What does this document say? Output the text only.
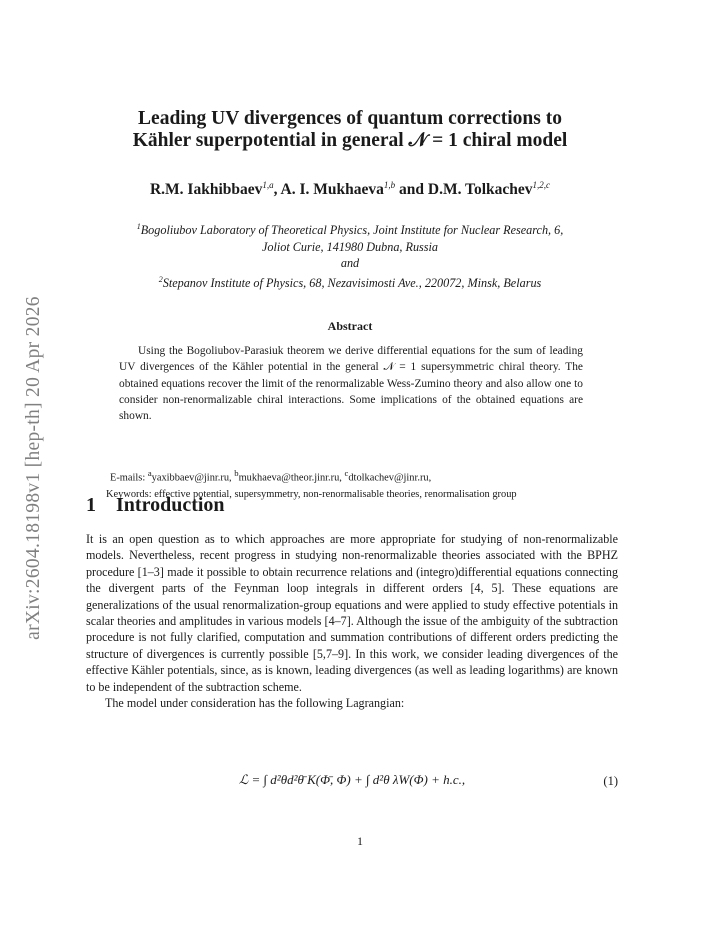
arXiv:2604.18198v1 [hep-th] 20 Apr 2026
Leading UV divergences of quantum corrections to
Kähler superpotential in general 𝒩 = 1 chiral model
R.M. Iakhibbaev$^{1,a}$, A. I. Mukhaeva$^{1,b}$ and D.M. Tolkachev$^{1,2,c}$
$^1$Bogoliubov Laboratory of Theoretical Physics, Joint Institute for Nuclear Research, 6,
Joliot Curie, 141980 Dubna, Russia
and
$^2$Stepanov Institute of Physics, 68, Nezavisimosti Ave., 220072, Minsk, Belarus
Abstract
Using the Bogoliubov-Parasiuk theorem we derive differential equations for the sum of leading UV divergences of the Kähler potential in the general 𝒩 = 1 supersymmetric chiral theory. The obtained equations recover the limit of the renormalizable Wess-Zumino theory and also allow one to consider non-renormalizable chiral interactions. Some implications of the obtained equations are shown.
E-mails: $^a$yaxibbaev@jinr.ru, $^b$mukhaeva@theor.jinr.ru, $^c$dtolkachev@jinr.ru,
Keywords: effective potential, supersymmetry, non-renormalisable theories, renormalisation group
1 Introduction

It is an open question as to which approaches are more appropriate for studying of non-renormalizable models. Nevertheless, recent progress in studying non-renormalizable theories associated with the BPHZ procedure [1–3] made it possible to obtain recurrence relations and (integro)differential equations connecting the divergent parts of the Feynman loop integrals in different orders [4, 5]. These equations are generalizations of the usual renormalization-group equations and were applied to study effective potentials in scalar theories and amplitudes in various models [4–7]. Although the issue of the ambiguity of the subtraction procedure is not fully clarified, computation and summation contributions of different orders predicting the structure of divergences is currently possible [5,7–9]. In this work, we consider leading divergences of the effective Kähler potentials, since, as is known, leading divergences (as well as leading logarithms) are known to be independent of the subtraction scheme.

The model under consideration has the following Lagrangian:

ℒ = ∫ d²θd²θ̄ K(Φ̄, Φ) + ∫ d²θ λW(Φ) + h.c.,	(1)
1
